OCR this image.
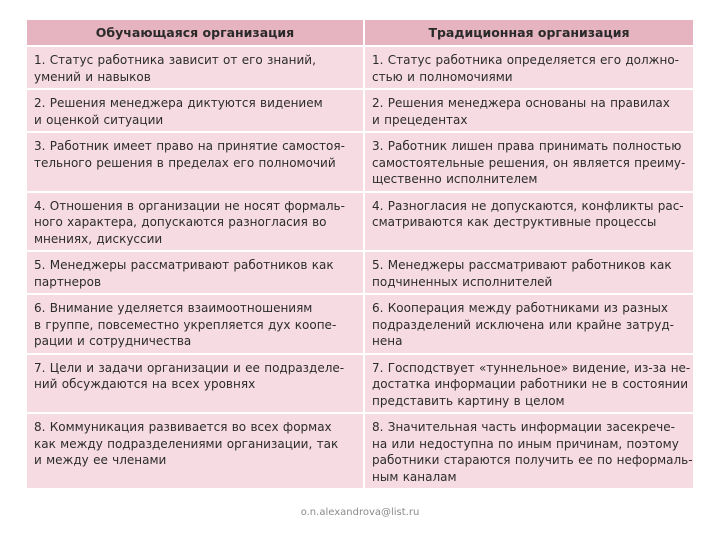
Обучающаяся организация	Традиционная организация

1. Статус работника зависит от его знаний,
умений и навыков	1. Статус работника определяется его должно-
стью и полномочиями

2. Решения менеджера диктуются видением
и оценкой ситуации	2. Решения менеджера основаны на правилах
и прецедентах

3. Работник имеет право на принятие самостоя-
тельного решения в пределах его полномочий	3. Работник лишен права принимать полностью
самостоятельные решения, он является преиму-
щественно исполнителем

4. Отношения в организации не носят формаль-
ного характера, допускаются разногласия во
мнениях, дискуссии	4. Разногласия не допускаются, конфликты рас-
сматриваются как деструктивные процессы

5. Менеджеры рассматривают работников как
партнеров	5. Менеджеры рассматривают работников как
подчиненных исполнителей

6. Внимание уделяется взаимоотношениям
в группе, повсеместно укрепляется дух коопе-
рации и сотрудничества	6. Кооперация между работниками из разных
подразделений исключена или крайне затруд-
нена

7. Цели и задачи организации и ее подразделе-
ний обсуждаются на всех уровнях	7. Господствует «туннельное» видение, из-за не-
достатка информации работники не в состоянии
представить картину в целом

8. Коммуникация развивается во всех формах
как между подразделениями организации, так
и между ее членами	8. Значительная часть информации засекрече-
на или недоступна по иным причинам, поэтому
работники стараются получить ее по неформаль-
ным каналам
o.n.alexandrova@list.ru
